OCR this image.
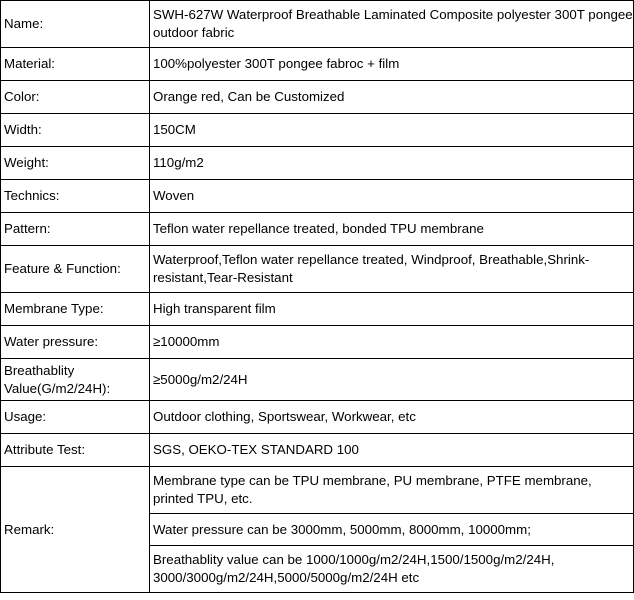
Name:	SWH-627W Waterproof Breathable Laminated Composite polyester 300T pongee outdoor fabric
Material:	100%polyester 300T pongee fabroc + film
Color:	Orange red, Can be Customized
Width:	150CM
Weight:	110g/m2
Technics:	Woven
Pattern:	Teflon water repellance treated, bonded TPU membrane
Feature & Function:	Waterproof,Teflon water repellance treated, Windproof, Breathable,Shrink-resistant,Tear-Resistant
Membrane Type:	High transparent film
Water pressure:	≥10000mm
Breathablity Value(G/m2/24H):	≥5000g/m2/24H
Usage:	Outdoor clothing, Sportswear, Workwear, etc
Attribute Test:	SGS, OEKO-TEX STANDARD 100
Remark:	Membrane type can be TPU membrane, PU membrane, PTFE membrane, printed TPU, etc.
	Water pressure can be 3000mm, 5000mm, 8000mm, 10000mm;
	Breathablity value can be 1000/1000g/m2/24H,1500/1500g/m2/24H, 3000/3000g/m2/24H,5000/5000g/m2/24H etc
